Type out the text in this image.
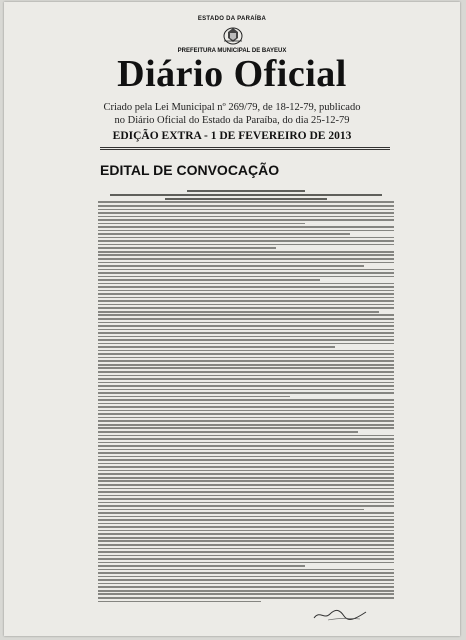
ESTADO DA PARAÍBA
PREFEITURA MUNICIPAL DE BAYEUX
Diário Oficial
Criado pela Lei Municipal nº 269/79, de 18-12-79, publicado
no Diário Oficial do Estado da Paraíba, do dia 25-12-79
EDIÇÃO EXTRA - 1 DE FEVEREIRO DE 2013
EDITAL DE CONVOCAÇÃO
